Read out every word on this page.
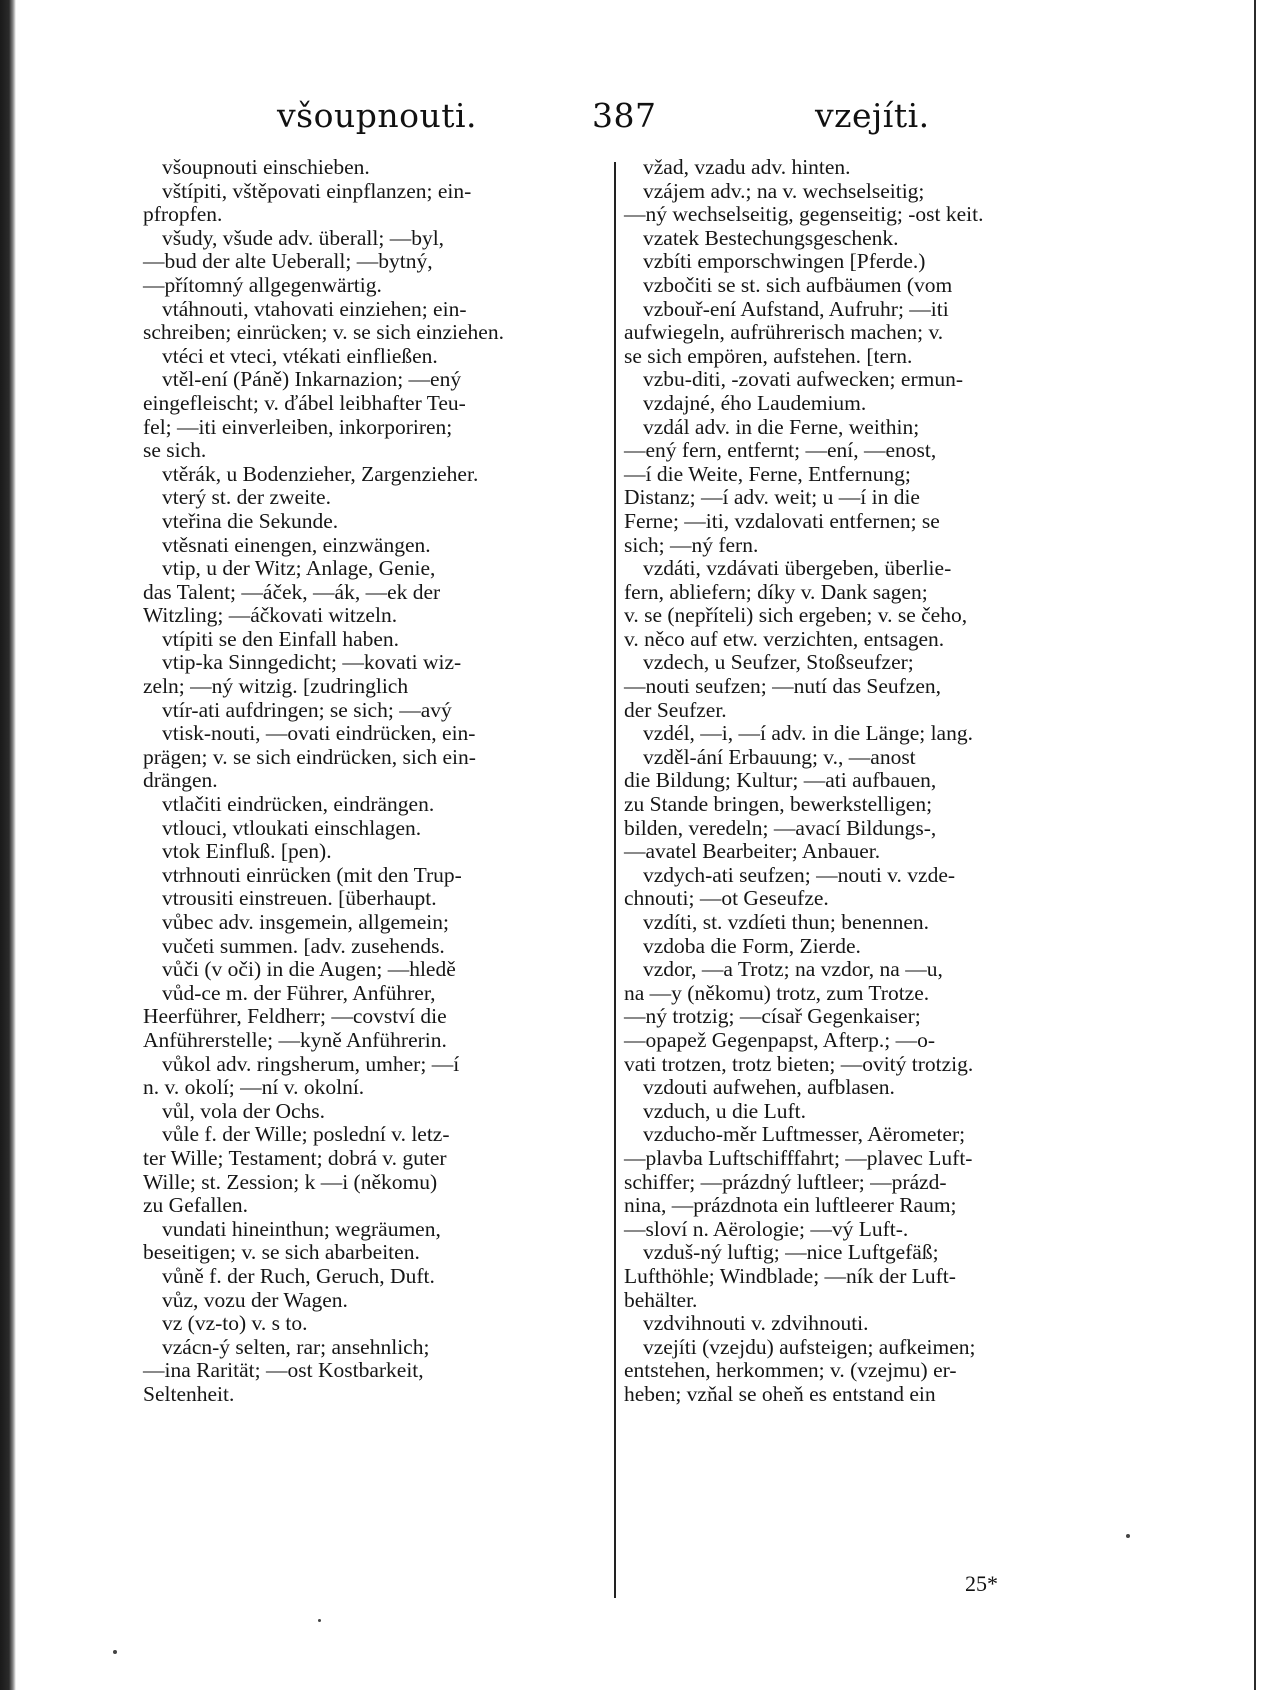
všoupnouti.	387	vzejíti.
všoupnouti einschieben.
vštípiti, vštěpovati einpflanzen; ein-
pfropfen.
všudy, všude adv. überall; —byl,
—bud der alte Ueberall; —bytný,
—přítomný allgegenwärtig.
vtáhnouti, vtahovati einziehen; ein-
schreiben; einrücken; v. se sich einziehen.
vtéci et vteci, vtékati einfließen.
vtěl-ení (Páně) Inkarnazion; —ený
eingefleischt; v. ďábel leibhafter Teu-
fel; —iti einverleiben, inkorporiren;
se sich.
vtěrák, u Bodenzieher, Zargenzieher.
vterý st. der zweite.
vteřina die Sekunde.
vtěsnati einengen, einzwängen.
vtip, u der Witz; Anlage, Genie,
das Talent; —áček, —ák, —ek der
Witzling; —áčkovati witzeln.
vtípiti se den Einfall haben.
vtip-ka Sinngedicht; —kovati wiz-
zeln; —ný witzig. [zudringlich
vtír-ati aufdringen; se sich; —avý
vtisk-nouti, —ovati eindrücken, ein-
prägen; v. se sich eindrücken, sich ein-
drängen.
vtlačiti eindrücken, eindrängen.
vtlouci, vtloukati einschlagen.
vtok Einfluß. [pen).
vtrhnouti einrücken (mit den Trup-
vtrousiti einstreuen. [überhaupt.
vůbec adv. insgemein, allgemein;
vučeti summen. [adv. zusehends.
vůči (v oči) in die Augen; —hledě
vůd-ce m. der Führer, Anführer,
Heerführer, Feldherr; —covství die
Anführerstelle; —kyně Anführerin.
vůkol adv. ringsherum, umher; —í
n. v. okolí; —ní v. okolní.
vůl, vola der Ochs.
vůle f. der Wille; poslední v. letz-
ter Wille; Testament; dobrá v. guter
Wille; st. Zession; k —i (někomu)
zu Gefallen.
vundati hineinthun; wegräumen,
beseitigen; v. se sich abarbeiten.
vůně f. der Ruch, Geruch, Duft.
vůz, vozu der Wagen.
vz (vz-to) v. s to.
vzácn-ý selten, rar; ansehnlich;
—ina Rarität; —ost Kostbarkeit,
Seltenheit.
vžad, vzadu adv. hinten.
vzájem adv.; na v. wechselseitig;
—ný wechselseitig, gegenseitig; -ost keit.
vzatek Bestechungsgeschenk.
vzbíti emporschwingen [Pferde.)
vzbočiti se st. sich aufbäumen (vom
vzbouř-ení Aufstand, Aufruhr; —iti
aufwiegeln, aufrührerisch machen; v.
se sich empören, aufstehen. [tern.
vzbu-diti, -zovati aufwecken; ermun-
vzdajné, ého Laudemium.
vzdál adv. in die Ferne, weithin;
—ený fern, entfernt; —ení, —enost,
—í die Weite, Ferne, Entfernung;
Distanz; —í adv. weit; u —í in die
Ferne; —iti, vzdalovati entfernen; se
sich; —ný fern.
vzdáti, vzdávati übergeben, überlie-
fern, abliefern; díky v. Dank sagen;
v. se (nepříteli) sich ergeben; v. se čeho,
v. něco auf etw. verzichten, entsagen.
vzdech, u Seufzer, Stoßseufzer;
—nouti seufzen; —nutí das Seufzen,
der Seufzer.
vzdél, —i, —í adv. in die Länge; lang.
vzděl-ání Erbauung; v., —anost
die Bildung; Kultur; —ati aufbauen,
zu Stande bringen, bewerkstelligen;
bilden, veredeln; —avací Bildungs-,
—avatel Bearbeiter; Anbauer.
vzdych-ati seufzen; —nouti v. vzde-
chnouti; —ot Geseufze.
vzdíti, st. vzdíeti thun; benennen.
vzdoba die Form, Zierde.
vzdor, —a Trotz; na vzdor, na —u,
na —y (někomu) trotz, zum Trotze.
—ný trotzig; —císař Gegenkaiser;
—opapež Gegenpapst, Afterp.; —o-
vati trotzen, trotz bieten; —ovitý trotzig.
vzdouti aufwehen, aufblasen.
vzduch, u die Luft.
vzducho-měr Luftmesser, Aërometer;
—plavba Luftschifffahrt; —plavec Luft-
schiffer; —prázdný luftleer; —prázd-
nina, —prázdnota ein luftleerer Raum;
—sloví n. Aërologie; —vý Luft-.
vzduš-ný luftig; —nice Luftgefäß;
Lufthöhle; Windblade; —ník der Luft-
behälter.
vzdvihnouti v. zdvihnouti.
vzejíti (vzejdu) aufsteigen; aufkeimen;
entstehen, herkommen; v. (vzejmu) er-
heben; vzňal se oheň es entstand ein
25*
